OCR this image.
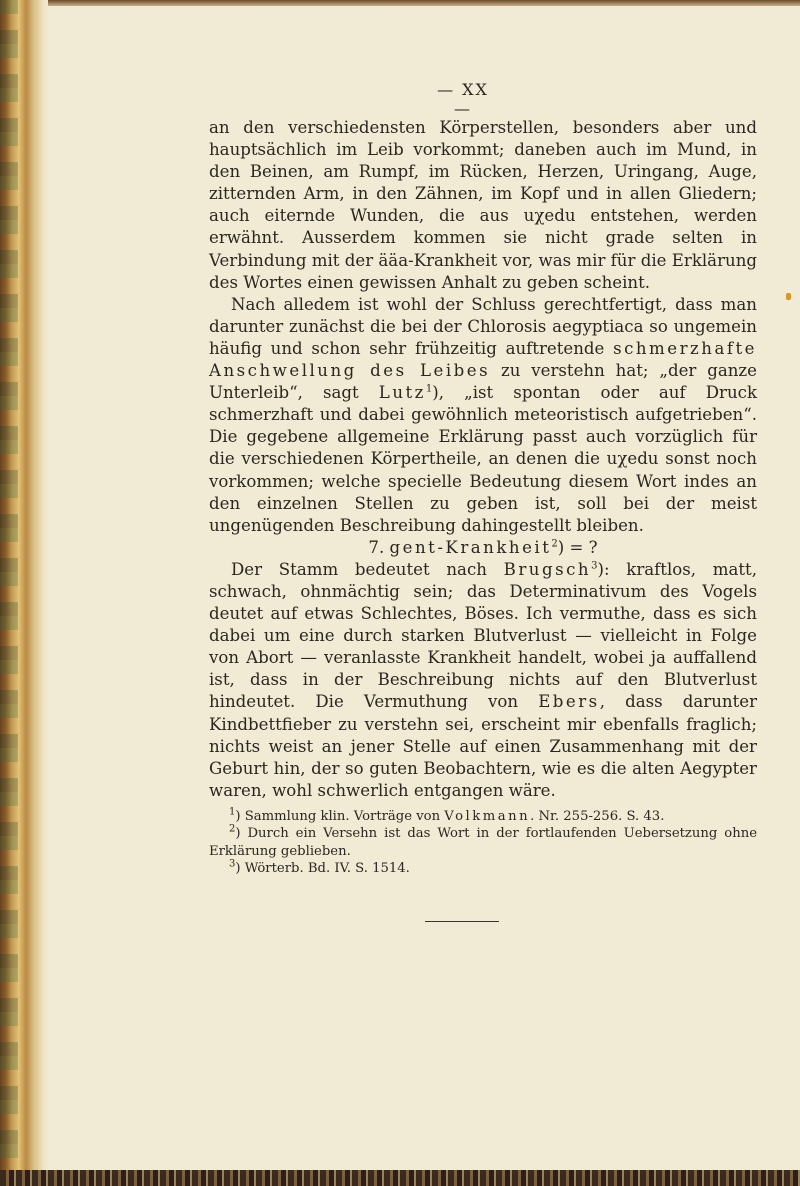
— XX —

an den verschiedensten Körperstellen, besonders aber und hauptsächlich im Leib vorkommt; daneben auch im Mund, in den Beinen, am Rumpf, im Rücken, Herzen, Uringang, Auge, zitternden Arm, in den Zähnen, im Kopf und in allen Gliedern; auch eiternde Wunden, die aus uχedu entstehen, werden erwähnt. Ausserdem kommen sie nicht grade selten in Verbindung mit der ääa-Krankheit vor, was mir für die Erklärung des Wortes einen gewissen Anhalt zu geben scheint.

Nach alledem ist wohl der Schluss gerechtfertigt, dass man darunter zunächst die bei der Chlorosis aegyptiaca so ungemein häufig und schon sehr frühzeitig auftretende schmerzhafte Anschwellung des Leibes zu verstehn hat; „der ganze Unterleib“, sagt Lutz$^1$), „ist spontan oder auf Druck schmerzhaft und dabei gewöhnlich meteoristisch aufgetrieben“. Die gegebene allgemeine Erklärung passt auch vorzüglich für die verschiedenen Körpertheile, an denen die uχedu sonst noch vorkommen; welche specielle Bedeutung diesem Wort indes an den einzelnen Stellen zu geben ist, soll bei der meist ungenügenden Beschreibung dahingestellt bleiben.

7. gent-Krankheit$^2$) = ?

Der Stamm bedeutet nach Brugsch$^3$): kraftlos, matt, schwach, ohnmächtig sein; das Determinativum des Vogels deutet auf etwas Schlechtes, Böses. Ich vermuthe, dass es sich dabei um eine durch starken Blutverlust — vielleicht in Folge von Abort — veranlasste Krankheit handelt, wobei ja auffallend ist, dass in der Beschreibung nichts auf den Blutverlust hindeutet. Die Vermuthung von Ebers, dass darunter Kindbettfieber zu verstehn sei, erscheint mir ebenfalls fraglich; nichts weist an jener Stelle auf einen Zusammenhang mit der Geburt hin, der so guten Beobachtern, wie es die alten Aegypter waren, wohl schwerlich entgangen wäre.

$^1$) Sammlung klin. Vorträge von Volkmann. Nr. 255-256. S. 43.

$^2$) Durch ein Versehn ist das Wort in der fortlaufenden Uebersetzung ohne Erklärung geblieben.

$^3$) Wörterb. Bd. IV. S. 1514.
